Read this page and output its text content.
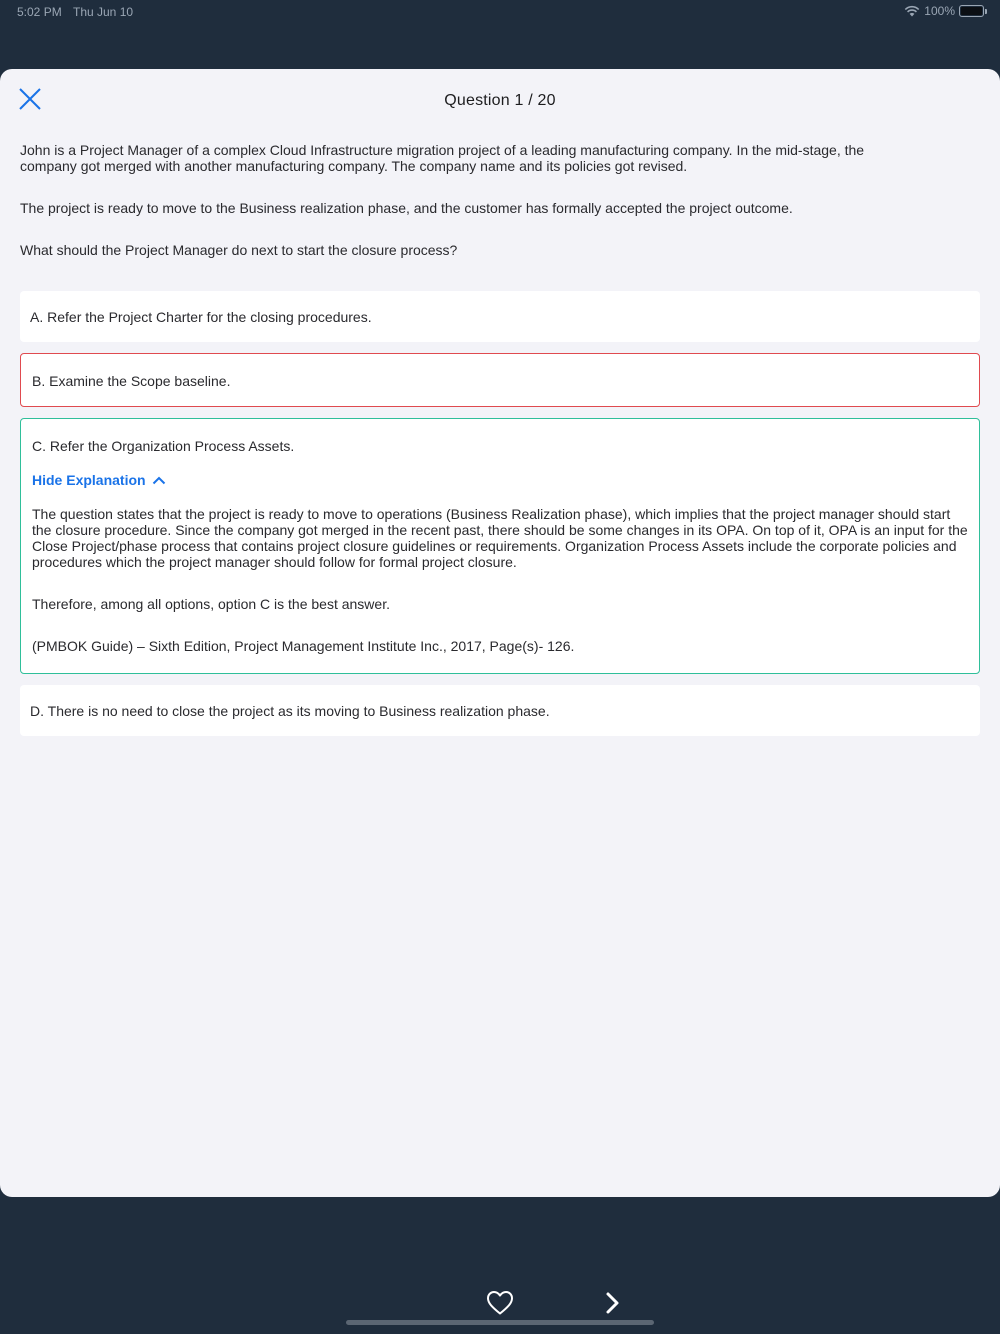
5:02 PM Thu Jun 10	100%
Question 1 / 20

John is a Project Manager of a complex Cloud Infrastructure migration project of a leading manufacturing company. In the mid-stage, the company got merged with another manufacturing company. The company name and its policies got revised.

The project is ready to move to the Business realization phase, and the customer has formally accepted the project outcome.

What should the Project Manager do next to start the closure process?

A. Refer the Project Charter for the closing procedures.
B. Examine the Scope baseline.
C. Refer the Organization Process Assets.
Hide Explanation

The question states that the project is ready to move to operations (Business Realization phase), which implies that the project manager should start the closure procedure. Since the company got merged in the recent past, there should be some changes in its OPA. On top of it, OPA is an input for the Close Project/phase process that contains project closure guidelines or requirements. Organization Process Assets include the corporate policies and procedures which the project manager should follow for formal project closure.

Therefore, among all options, option C is the best answer.

(PMBOK Guide) – Sixth Edition, Project Management Institute Inc., 2017, Page(s)- 126.

D. There is no need to close the project as its moving to Business realization phase.
